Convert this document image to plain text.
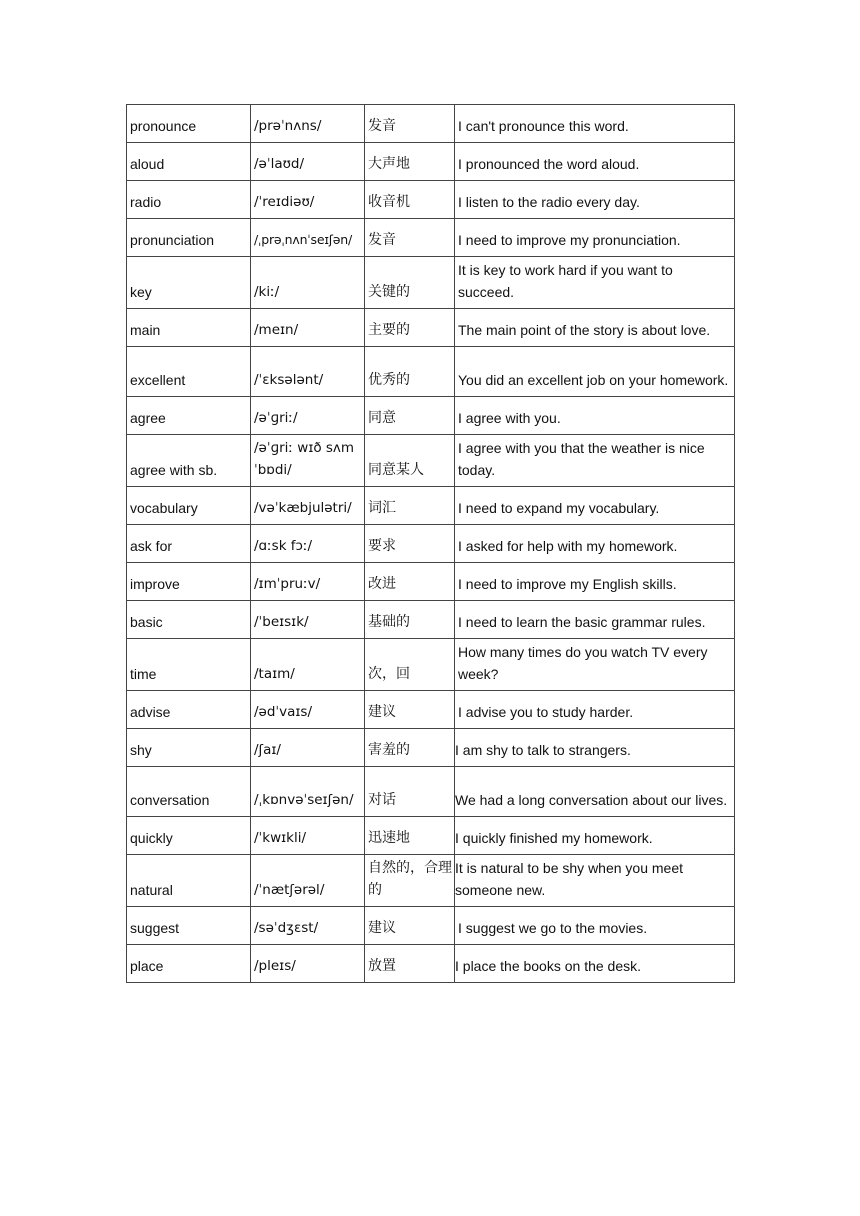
pronounce	/prəˈnʌns/	发音	I can't pronounce this word.
aloud	/əˈlaʊd/	大声地	I pronounced the word aloud.
radio	/ˈreɪdiəʊ/	收音机	I listen to the radio every day.
pronunciation	/ˌprəˌnʌnˈseɪʃən/	发音	I need to improve my pronunciation.
key	/kiː/	关键的	It is key to work hard if you want to succeed.
main	/meɪn/	主要的	The main point of the story is about love.
excellent	/ˈɛksələnt/	优秀的	You did an excellent job on your homework.
agree	/əˈɡriː/	同意	I agree with you.
agree with sb.	/əˈɡriː wɪð sʌmˈbɒdi/	同意某人	I agree with you that the weather is nice today.
vocabulary	/vəˈkæbjulətri/	词汇	I need to expand my vocabulary.
ask for	/ɑːsk fɔː/	要求	I asked for help with my homework.
improve	/ɪmˈpruːv/	改进	I need to improve my English skills.
basic	/ˈbeɪsɪk/	基础的	I need to learn the basic grammar rules.
time	/taɪm/	次，回	How many times do you watch TV every week?
advise	/ədˈvaɪs/	建议	I advise you to study harder.
shy	/ʃaɪ/	害羞的	I am shy to talk to strangers.
conversation	/ˌkɒnvəˈseɪʃən/	对话	We had a long conversation about our lives.
quickly	/ˈkwɪkli/	迅速地	I quickly finished my homework.
natural	/ˈnætʃərəl/	自然的，合理的	It is natural to be shy when you meet someone new.
suggest	/səˈdʒɛst/	建议	I suggest we go to the movies.
place	/pleɪs/	放置	I place the books on the desk.
